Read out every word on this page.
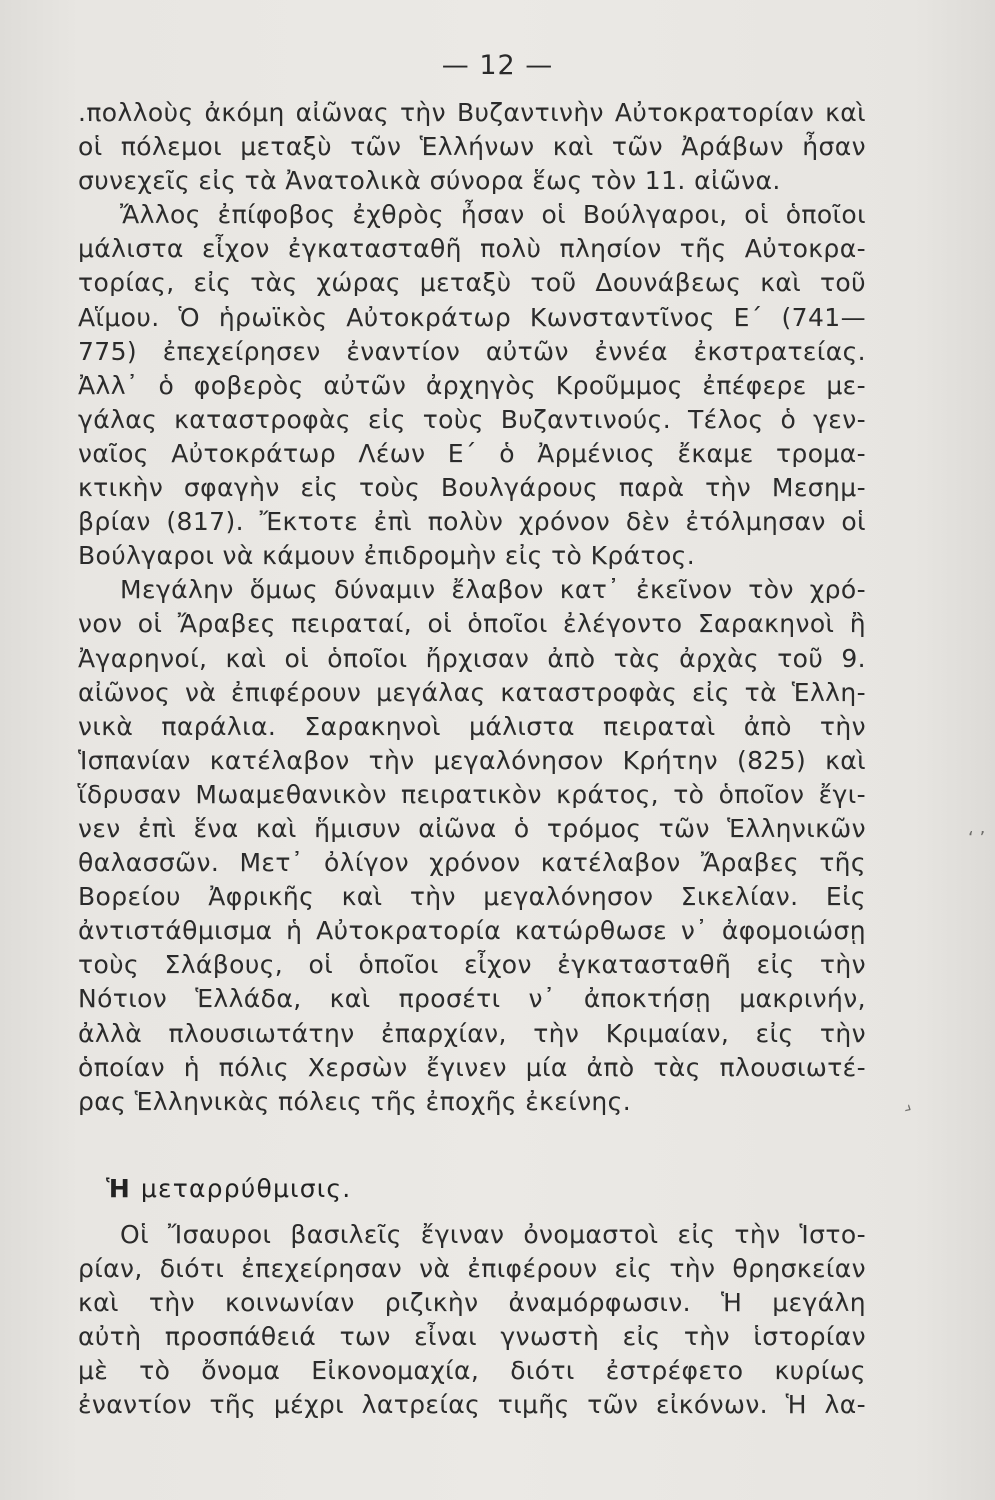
— 12 —
.πολλοὺς ἀκόμη αἰῶνας τὴν Βυζαντινὴν Αὐτοκρατορίαν καὶ
οἱ πόλεμοι μεταξὺ τῶν Ἑλλήνων καὶ τῶν Ἀράβων ἦσαν
συνεχεῖς εἰς τὰ Ἀνατολικὰ σύνορα ἕως τὸν 11. αἰῶνα.
Ἄλλος ἐπίφοβος ἐχθρὸς ἦσαν οἱ Βούλγαροι, οἱ ὁποῖοι
μάλιστα εἶχον ἐγκατασταθῆ πολὺ πλησίον τῆς Αὐτοκρα-
τορίας, εἰς τὰς χώρας μεταξὺ τοῦ Δουνάβεως καὶ τοῦ
Αἵμου. Ὁ ἡρωϊκὸς Αὐτοκράτωρ Κωνσταντῖνος Ε΄ (741—
775) ἐπεχείρησεν ἐναντίον αὐτῶν ἐννέα ἐκστρατείας.
Ἀλλ᾽ ὁ φοβερὸς αὐτῶν ἀρχηγὸς Κροῦμμος ἐπέφερε με-
γάλας καταστροφὰς εἰς τοὺς Βυζαντινούς. Τέλος ὁ γεν-
ναῖος Αὐτοκράτωρ Λέων Ε΄ ὁ Ἀρμένιος ἔκαμε τρομα-
κτικὴν σφαγὴν εἰς τοὺς Βουλγάρους παρὰ τὴν Μεσημ-
βρίαν (817). Ἔκτοτε ἐπὶ πολὺν χρόνον δὲν ἐτόλμησαν οἱ
Βούλγαροι νὰ κάμουν ἐπιδρομὴν εἰς τὸ Κράτος.
Μεγάλην ὅμως δύναμιν ἔλαβον κατ᾽ ἐκεῖνον τὸν χρό-
νον οἱ Ἄραβες πειραταί, οἱ ὁποῖοι ἐλέγοντο Σαρακηνοὶ ἢ
Ἀγαρηνοί, καὶ οἱ ὁποῖοι ἤρχισαν ἀπὸ τὰς ἀρχὰς τοῦ 9.
αἰῶνος νὰ ἐπιφέρουν μεγάλας καταστροφὰς εἰς τὰ Ἑλλη-
νικὰ παράλια. Σαρακηνοὶ μάλιστα πειραταὶ ἀπὸ τὴν
Ἱσπανίαν κατέλαβον τὴν μεγαλόνησον Κρήτην (825) καὶ
ἵδρυσαν Μωαμεθανικὸν πειρατικὸν κράτος, τὸ ὁποῖον ἔγι-
νεν ἐπὶ ἕνα καὶ ἥμισυν αἰῶνα ὁ τρόμος τῶν Ἑλληνικῶν
θαλασσῶν. Μετ᾽ ὀλίγον χρόνον κατέλαβον Ἄραβες τῆς
Βορείου Ἀφρικῆς καὶ τὴν μεγαλόνησον Σικελίαν. Εἰς
ἀντιστάθμισμα ἡ Αὐτοκρατορία κατώρθωσε ν᾽ ἀφομοιώσῃ
τοὺς Σλάβους, οἱ ὁποῖοι εἶχον ἐγκατασταθῆ εἰς τὴν
Νότιον Ἑλλάδα, καὶ προσέτι ν᾽ ἀποκτήσῃ μακρινήν,
ἀλλὰ πλουσιωτάτην ἐπαρχίαν, τὴν Κριμαίαν, εἰς τὴν
ὁποίαν ἡ πόλις Χερσὼν ἔγινεν μία ἀπὸ τὰς πλουσιωτέ-
ρας Ἑλληνικὰς πόλεις τῆς ἐποχῆς ἐκείνης.
Ἡ μεταρρύθμισις.
Οἱ Ἴσαυροι βασιλεῖς ἔγιναν ὀνομαστοὶ εἰς τὴν Ἱστο-
ρίαν, διότι ἐπεχείρησαν νὰ ἐπιφέρουν εἰς τὴν θρησκείαν
καὶ τὴν κοινωνίαν ριζικὴν ἀναμόρφωσιν. Ἡ μεγάλη
αὐτὴ προσπάθειά των εἶναι γνωστὴ εἰς τὴν ἱστορίαν
μὲ τὸ ὄνομα Εἰκονομαχία, διότι ἐστρέφετο κυρίως
ἐναντίον τῆς μέχρι λατρείας τιμῆς τῶν εἰκόνων. Ἡ λα-
‘ ’
›
